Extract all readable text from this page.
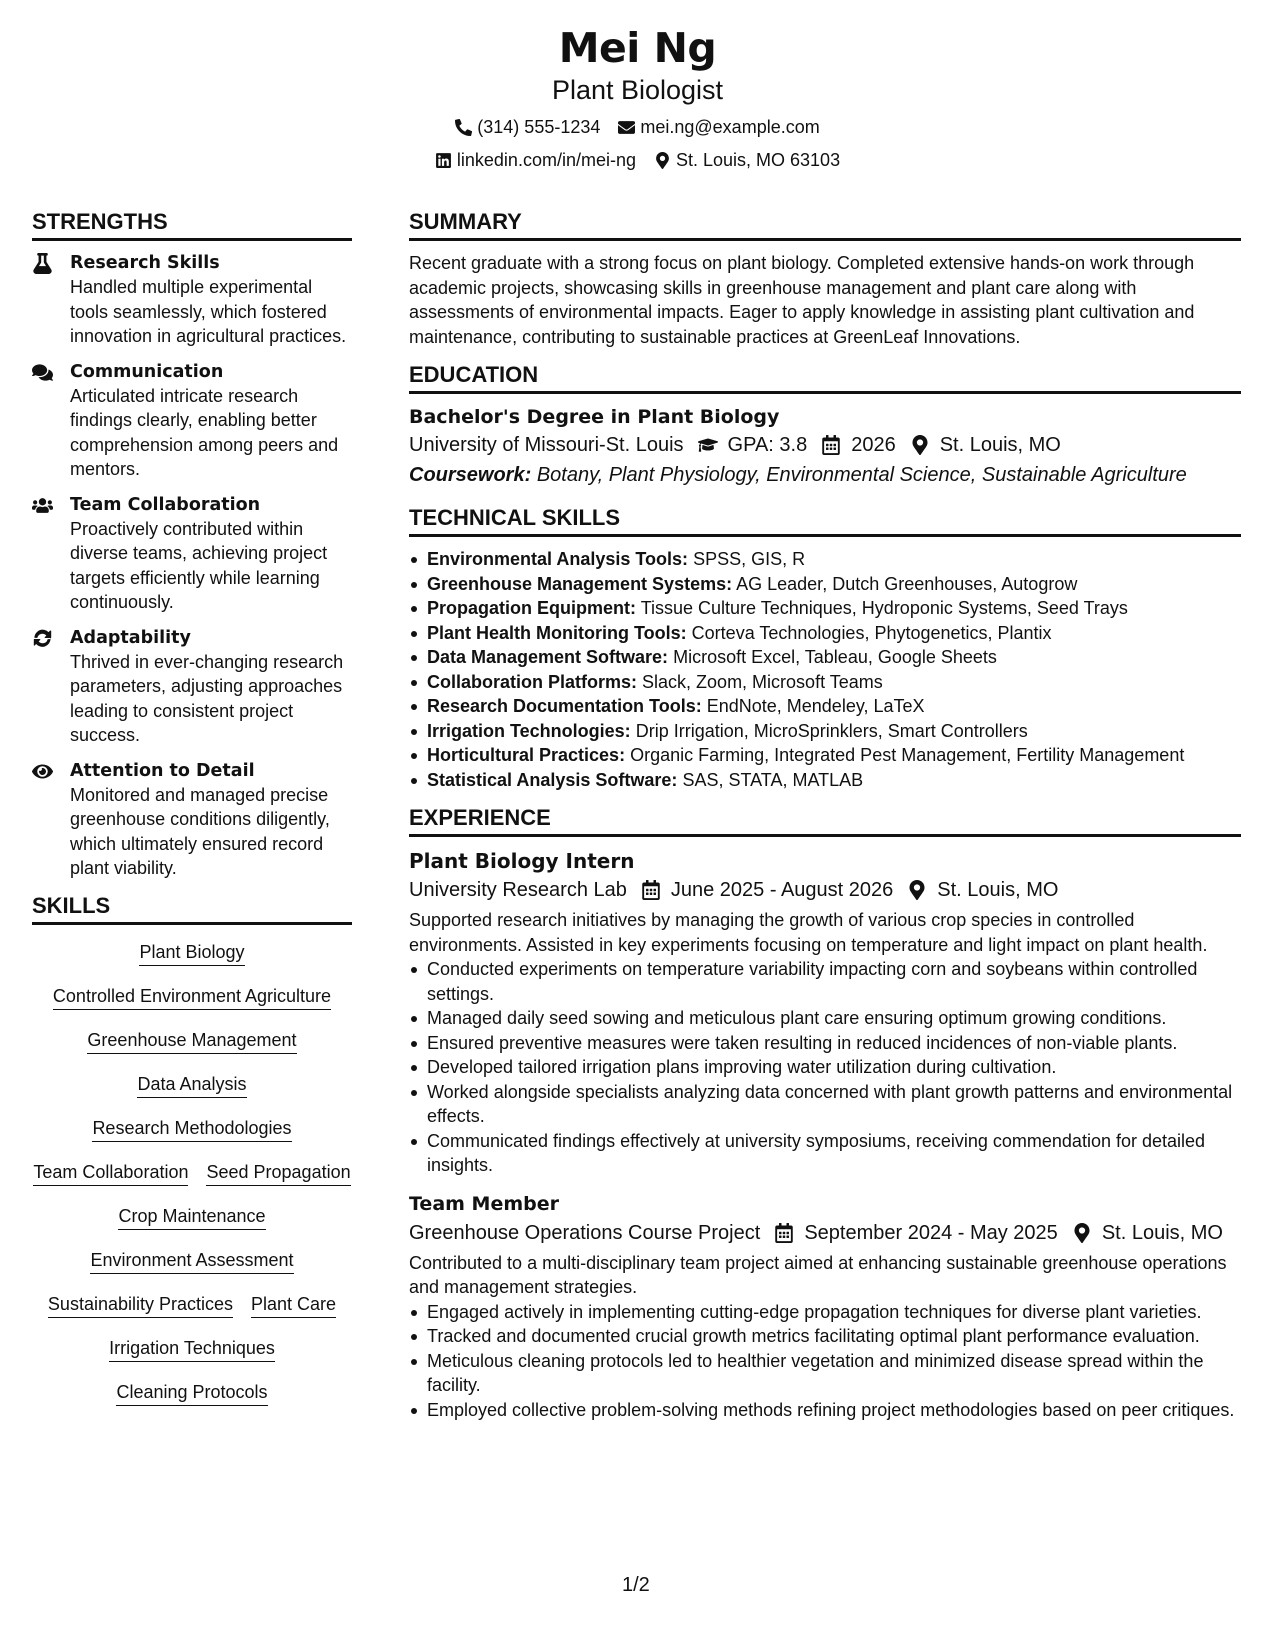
Mei Ng
Plant Biologist
(314) 555-1234 mei.ng@example.com
linkedin.com/in/mei-ng St. Louis, MO 63103
STRENGTHS
Research Skills
Handled multiple experimental tools seamlessly, which fostered innovation in agricultural practices.
Communication
Articulated intricate research findings clearly, enabling better comprehension among peers and mentors.
Team Collaboration
Proactively contributed within diverse teams, achieving project targets efficiently while learning continuously.
Adaptability
Thrived in ever-changing research parameters, adjusting approaches leading to consistent project success.
Attention to Detail
Monitored and managed precise greenhouse conditions diligently, which ultimately ensured record plant viability.
SKILLS
Plant Biology
Controlled Environment Agriculture
Greenhouse Management
Data Analysis
Research Methodologies
Team Collaboration Seed Propagation
Crop Maintenance
Environment Assessment
Sustainability Practices Plant Care
Irrigation Techniques
Cleaning Protocols
SUMMARY
Recent graduate with a strong focus on plant biology. Completed extensive hands-on work through academic projects, showcasing skills in greenhouse management and plant care along with assessments of environmental impacts. Eager to apply knowledge in assisting plant cultivation and maintenance, contributing to sustainable practices at GreenLeaf Innovations.
EDUCATION
Bachelor's Degree in Plant Biology
University of Missouri-St. Louis GPA: 3.8 2026 St. Louis, MO
Coursework: Botany, Plant Physiology, Environmental Science, Sustainable Agriculture
TECHNICAL SKILLS
Environmental Analysis Tools: SPSS, GIS, R
Greenhouse Management Systems: AG Leader, Dutch Greenhouses, Autogrow
Propagation Equipment: Tissue Culture Techniques, Hydroponic Systems, Seed Trays
Plant Health Monitoring Tools: Corteva Technologies, Phytogenetics, Plantix
Data Management Software: Microsoft Excel, Tableau, Google Sheets
Collaboration Platforms: Slack, Zoom, Microsoft Teams
Research Documentation Tools: EndNote, Mendeley, LaTeX
Irrigation Technologies: Drip Irrigation, MicroSprinklers, Smart Controllers
Horticultural Practices: Organic Farming, Integrated Pest Management, Fertility Management
Statistical Analysis Software: SAS, STATA, MATLAB
EXPERIENCE
Plant Biology Intern
University Research Lab June 2025 - August 2026 St. Louis, MO
Supported research initiatives by managing the growth of various crop species in controlled environments. Assisted in key experiments focusing on temperature and light impact on plant health.
Conducted experiments on temperature variability impacting corn and soybeans within controlled settings.
Managed daily seed sowing and meticulous plant care ensuring optimum growing conditions.
Ensured preventive measures were taken resulting in reduced incidences of non-viable plants.
Developed tailored irrigation plans improving water utilization during cultivation.
Worked alongside specialists analyzing data concerned with plant growth patterns and environmental effects.
Communicated findings effectively at university symposiums, receiving commendation for detailed insights.
Team Member
Greenhouse Operations Course Project September 2024 - May 2025 St. Louis, MO
Contributed to a multi-disciplinary team project aimed at enhancing sustainable greenhouse operations and management strategies.
Engaged actively in implementing cutting-edge propagation techniques for diverse plant varieties.
Tracked and documented crucial growth metrics facilitating optimal plant performance evaluation.
Meticulous cleaning protocols led to healthier vegetation and minimized disease spread within the facility.
Employed collective problem-solving methods refining project methodologies based on peer critiques.
1/2
